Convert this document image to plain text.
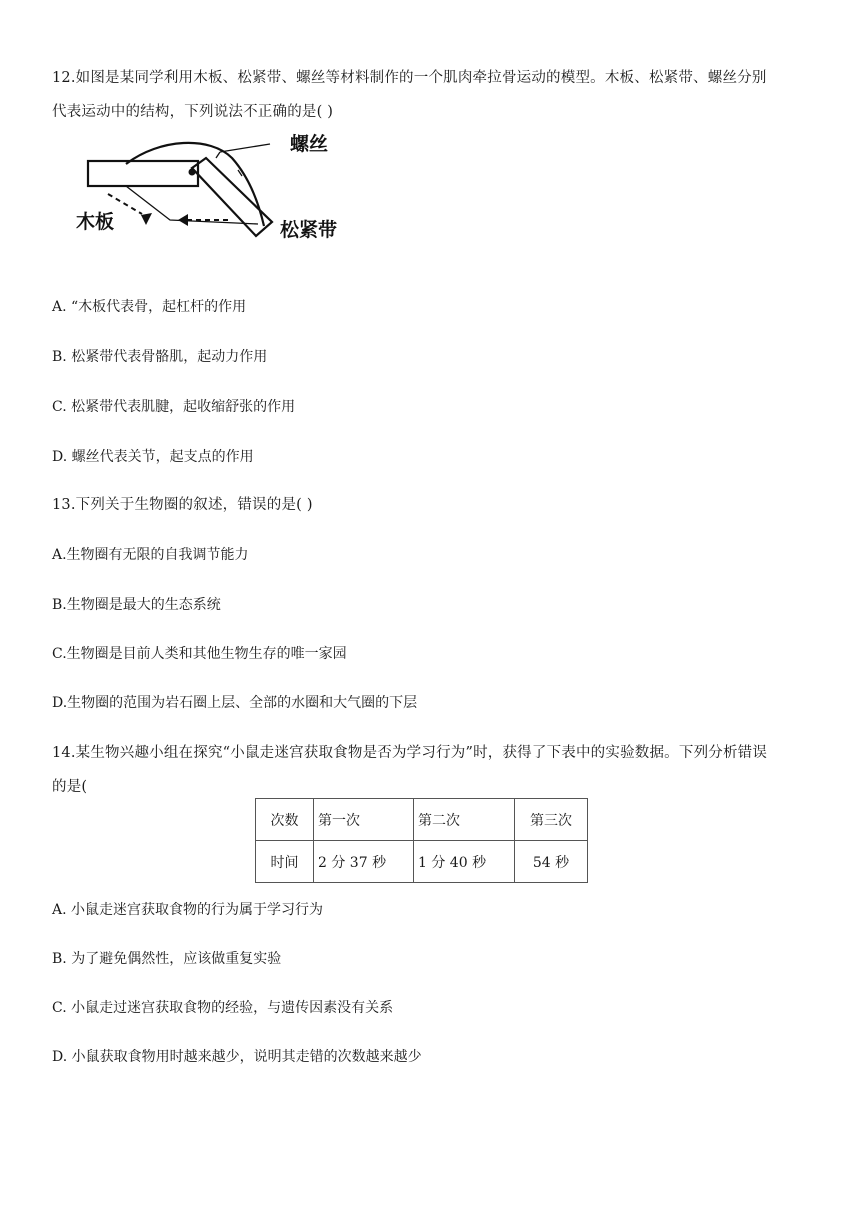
12.如图是某同学利用木板、松紧带、螺丝等材料制作的一个肌肉牵拉骨运动的模型。木板、松紧带、螺丝分别
代表运动中的结构，下列说法不正确的是( )
螺丝
木板	松紧带
A. “木板代表骨，起杠杆的作用
B. 松紧带代表骨骼肌，起动力作用
C. 松紧带代表肌腱，起收缩舒张的作用
D. 螺丝代表关节，起支点的作用
13.下列关于生物圈的叙述，错误的是( )
A.生物圈有无限的自我调节能力
B.生物圈是最大的生态系统
C.生物圈是目前人类和其他生物生存的唯一家园
D.生物圈的范围为岩石圈上层、全部的水圈和大气圈的下层
14.某生物兴趣小组在探究“小鼠走迷宫获取食物是否为学习行为”时，获得了下表中的实验数据。下列分析错误
的是(
次数	第一次	第二次	第三次
时间	2 分 37 秒	1 分 40 秒	54 秒
A. 小鼠走迷宫获取食物的行为属于学习行为
B. 为了避免偶然性，应该做重复实验
C. 小鼠走过迷宫获取食物的经验，与遗传因素没有关系
D. 小鼠获取食物用时越来越少，说明其走错的次数越来越少
